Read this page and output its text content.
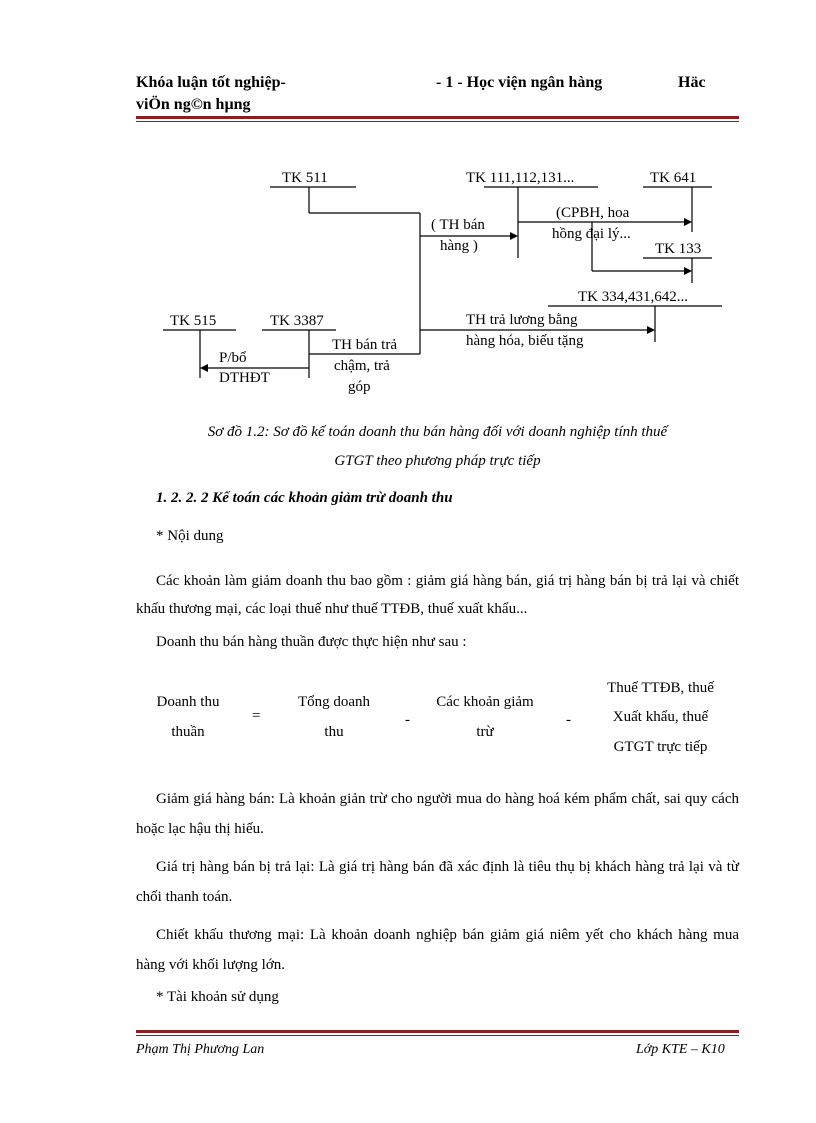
Khóa luận tốt nghiệp-
viÖn ng©n hµng
- 1 - Học viện ngân hàng	Häc
TK 511	TK 111,112,131...	TK 641
TK 133
TK 334,431,642...
TK 515	TK 3387
( TH bán
hàng )
(CPBH, hoa
hồng đại lý...
TH trả lương bằng
hàng hóa, biếu tặng
TH bán trả
chậm, trả
góp
P/bổ
DTHĐT
Sơ đồ 1.2: Sơ đồ kế toán doanh thu bán hàng đối với doanh nghiệp tính thuế
GTGT theo phương pháp trực tiếp
1. 2. 2. 2 Kế toán các khoản giảm trừ doanh thu
* Nội dung
Các khoản làm giảm doanh thu bao gồm : giảm giá hàng bán, giá trị hàng bán bị trả lại và chiết khấu thương mại, các loại thuế như thuế TTĐB, thuế xuất khẩu...
Doanh thu bán hàng thuần được thực hiện như sau :
Doanh thu
thuần
=
Tổng doanh
thu
-
Các khoản giảm
trừ
-
Thuế TTĐB, thuế
Xuất khẩu, thuế
GTGT trực tiếp
Giảm giá hàng bán: Là khoản giản trừ cho người mua do hàng hoá kém phẩm chất, sai quy cách hoặc lạc hậu thị hiếu.
Giá trị hàng bán bị trả lại: Là giá trị hàng bán đã xác định là tiêu thụ bị khách hàng trả lại và từ chối thanh toán.
Chiết khấu thương mại: Là khoản doanh nghiệp bán giảm giá niêm yết cho khách hàng mua hàng với khối lượng lớn.
* Tài khoản sử dụng
Phạm Thị Phương Lan	Lớp KTE – K10
